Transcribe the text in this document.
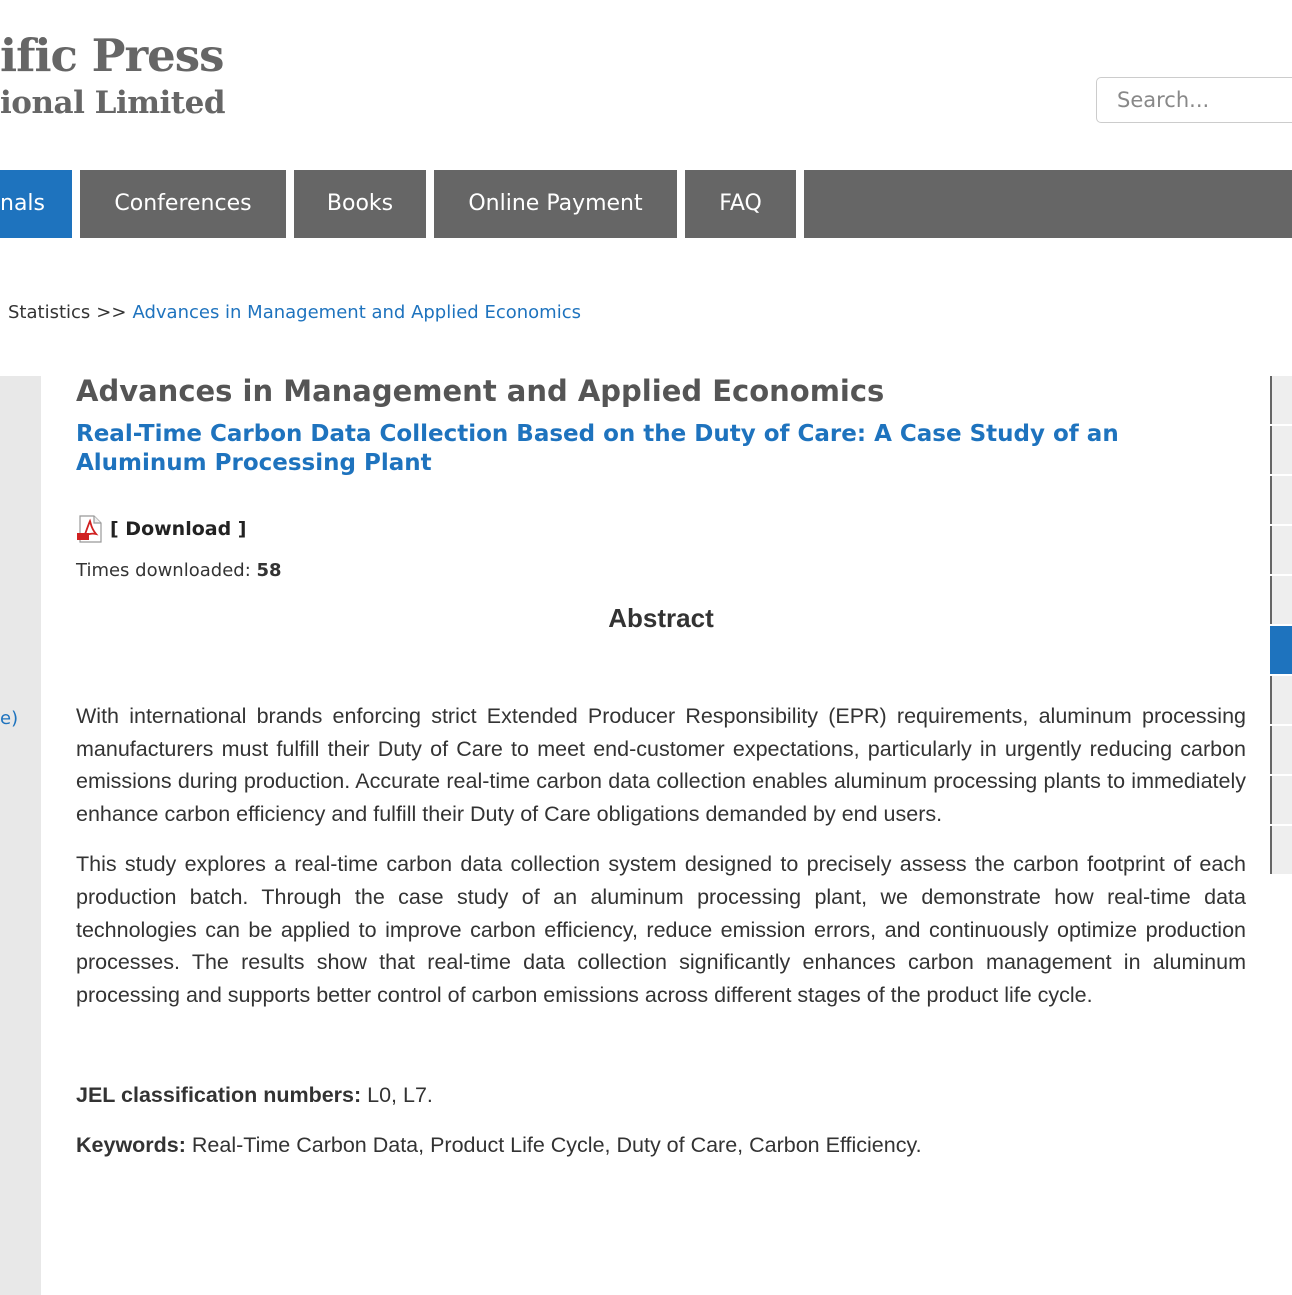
ific Press
ional Limited
Search...
nals	Conferences	Books	Online Payment	FAQ
Statistics >> Advances in Management and Applied Economics
e)
Advances in Management and Applied Economics
Real-Time Carbon Data Collection Based on the Duty of Care: A Case Study of an Aluminum Processing Plant
[ Download ]
Times downloaded: 58
Abstract

With international brands enforcing strict Extended Producer Responsibility (EPR) requirements, aluminum processing manufacturers must fulfill their Duty of Care to meet end-customer expectations, particularly in urgently reducing carbon emissions during production. Accurate real-time carbon data collection enables aluminum processing plants to immediately enhance carbon efficiency and fulfill their Duty of Care obligations demanded by end users.

This study explores a real-time carbon data collection system designed to precisely assess the carbon footprint of each production batch. Through the case study of an aluminum processing plant, we demonstrate how real-time data technologies can be applied to improve carbon efficiency, reduce emission errors, and continuously optimize production processes. The results show that real-time data collection significantly enhances carbon management in aluminum processing and supports better control of carbon emissions across different stages of the product life cycle.

JEL classification numbers: L0, L7.
Keywords: Real-Time Carbon Data, Product Life Cycle, Duty of Care, Carbon Efficiency.
